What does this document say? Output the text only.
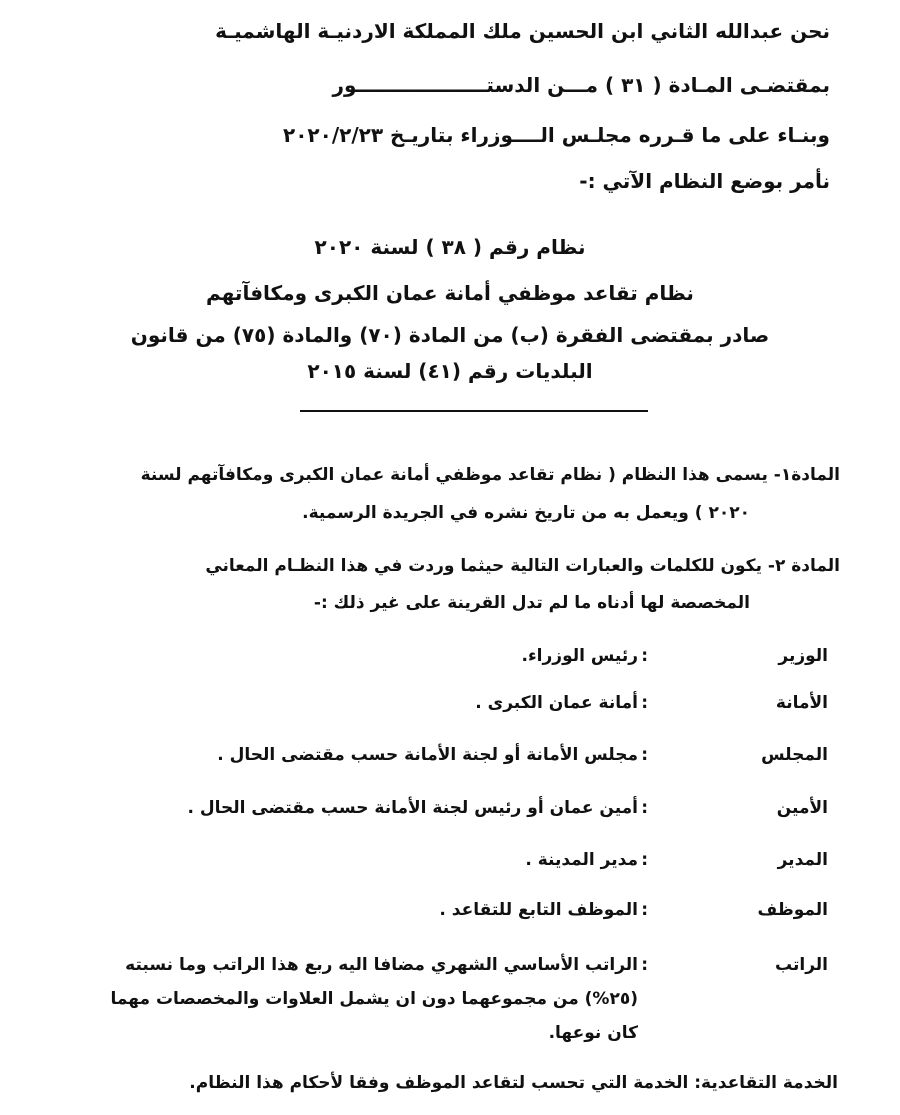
نحن عبدالله الثاني ابن الحسين ملك المملكة الاردنيـة الهاشميـة
بمقتضـى المـادة ( ٣١ ) مـــن الدستـــــــــــــــــــور
وبنـاء على ما قـرره مجلـس الــــوزراء بتاريـخ ٢٠٢٠/٢/٢٣
نأمر بوضع النظام الآتي :-
نظام رقم ( ٣٨ ) لسنة ٢٠٢٠
نظام تقاعد موظفي أمانة عمان الكبرى ومكافآتهم
صادر بمقتضى الفقرة (ب) من المادة (٧٠) والمادة (٧٥) من قانون
البلديات رقم (٤١) لسنة ٢٠١٥
المادة١- يسمى هذا النظام ( نظام تقاعد موظفي أمانة عمان الكبرى ومكافآتهم لسنة
٢٠٢٠ ) ويعمل به من تاريخ نشره في الجريدة الرسمية.
المادة ٢- يكون للكلمات والعبارات التالية حيثما وردت في هذا النظـام المعاني
المخصصة لها أدناه ما لم تدل القرينة على غير ذلك :-
الوزير
:
رئيس الوزراء.
الأمانة
:
أمانة عمان الكبرى .
المجلس
:
مجلس الأمانة أو لجنة الأمانة حسب مقتضى الحال .
الأمين
:
أمين عمان أو رئيس لجنة الأمانة حسب مقتضى الحال .
المدير
:
مدير المدينة .
الموظف
:
الموظف التابع للتقاعد .
الراتب
:
الراتب الأساسي الشهري مضافا اليه ربع هذا الراتب وما نسبته (٢٥%) من مجموعهما دون ان يشمل العلاوات والمخصصات مهما كان نوعها.
الخدمة التقاعدية: الخدمة التي تحسب لتقاعد الموظف وفقا لأحكام هذا النظام.
